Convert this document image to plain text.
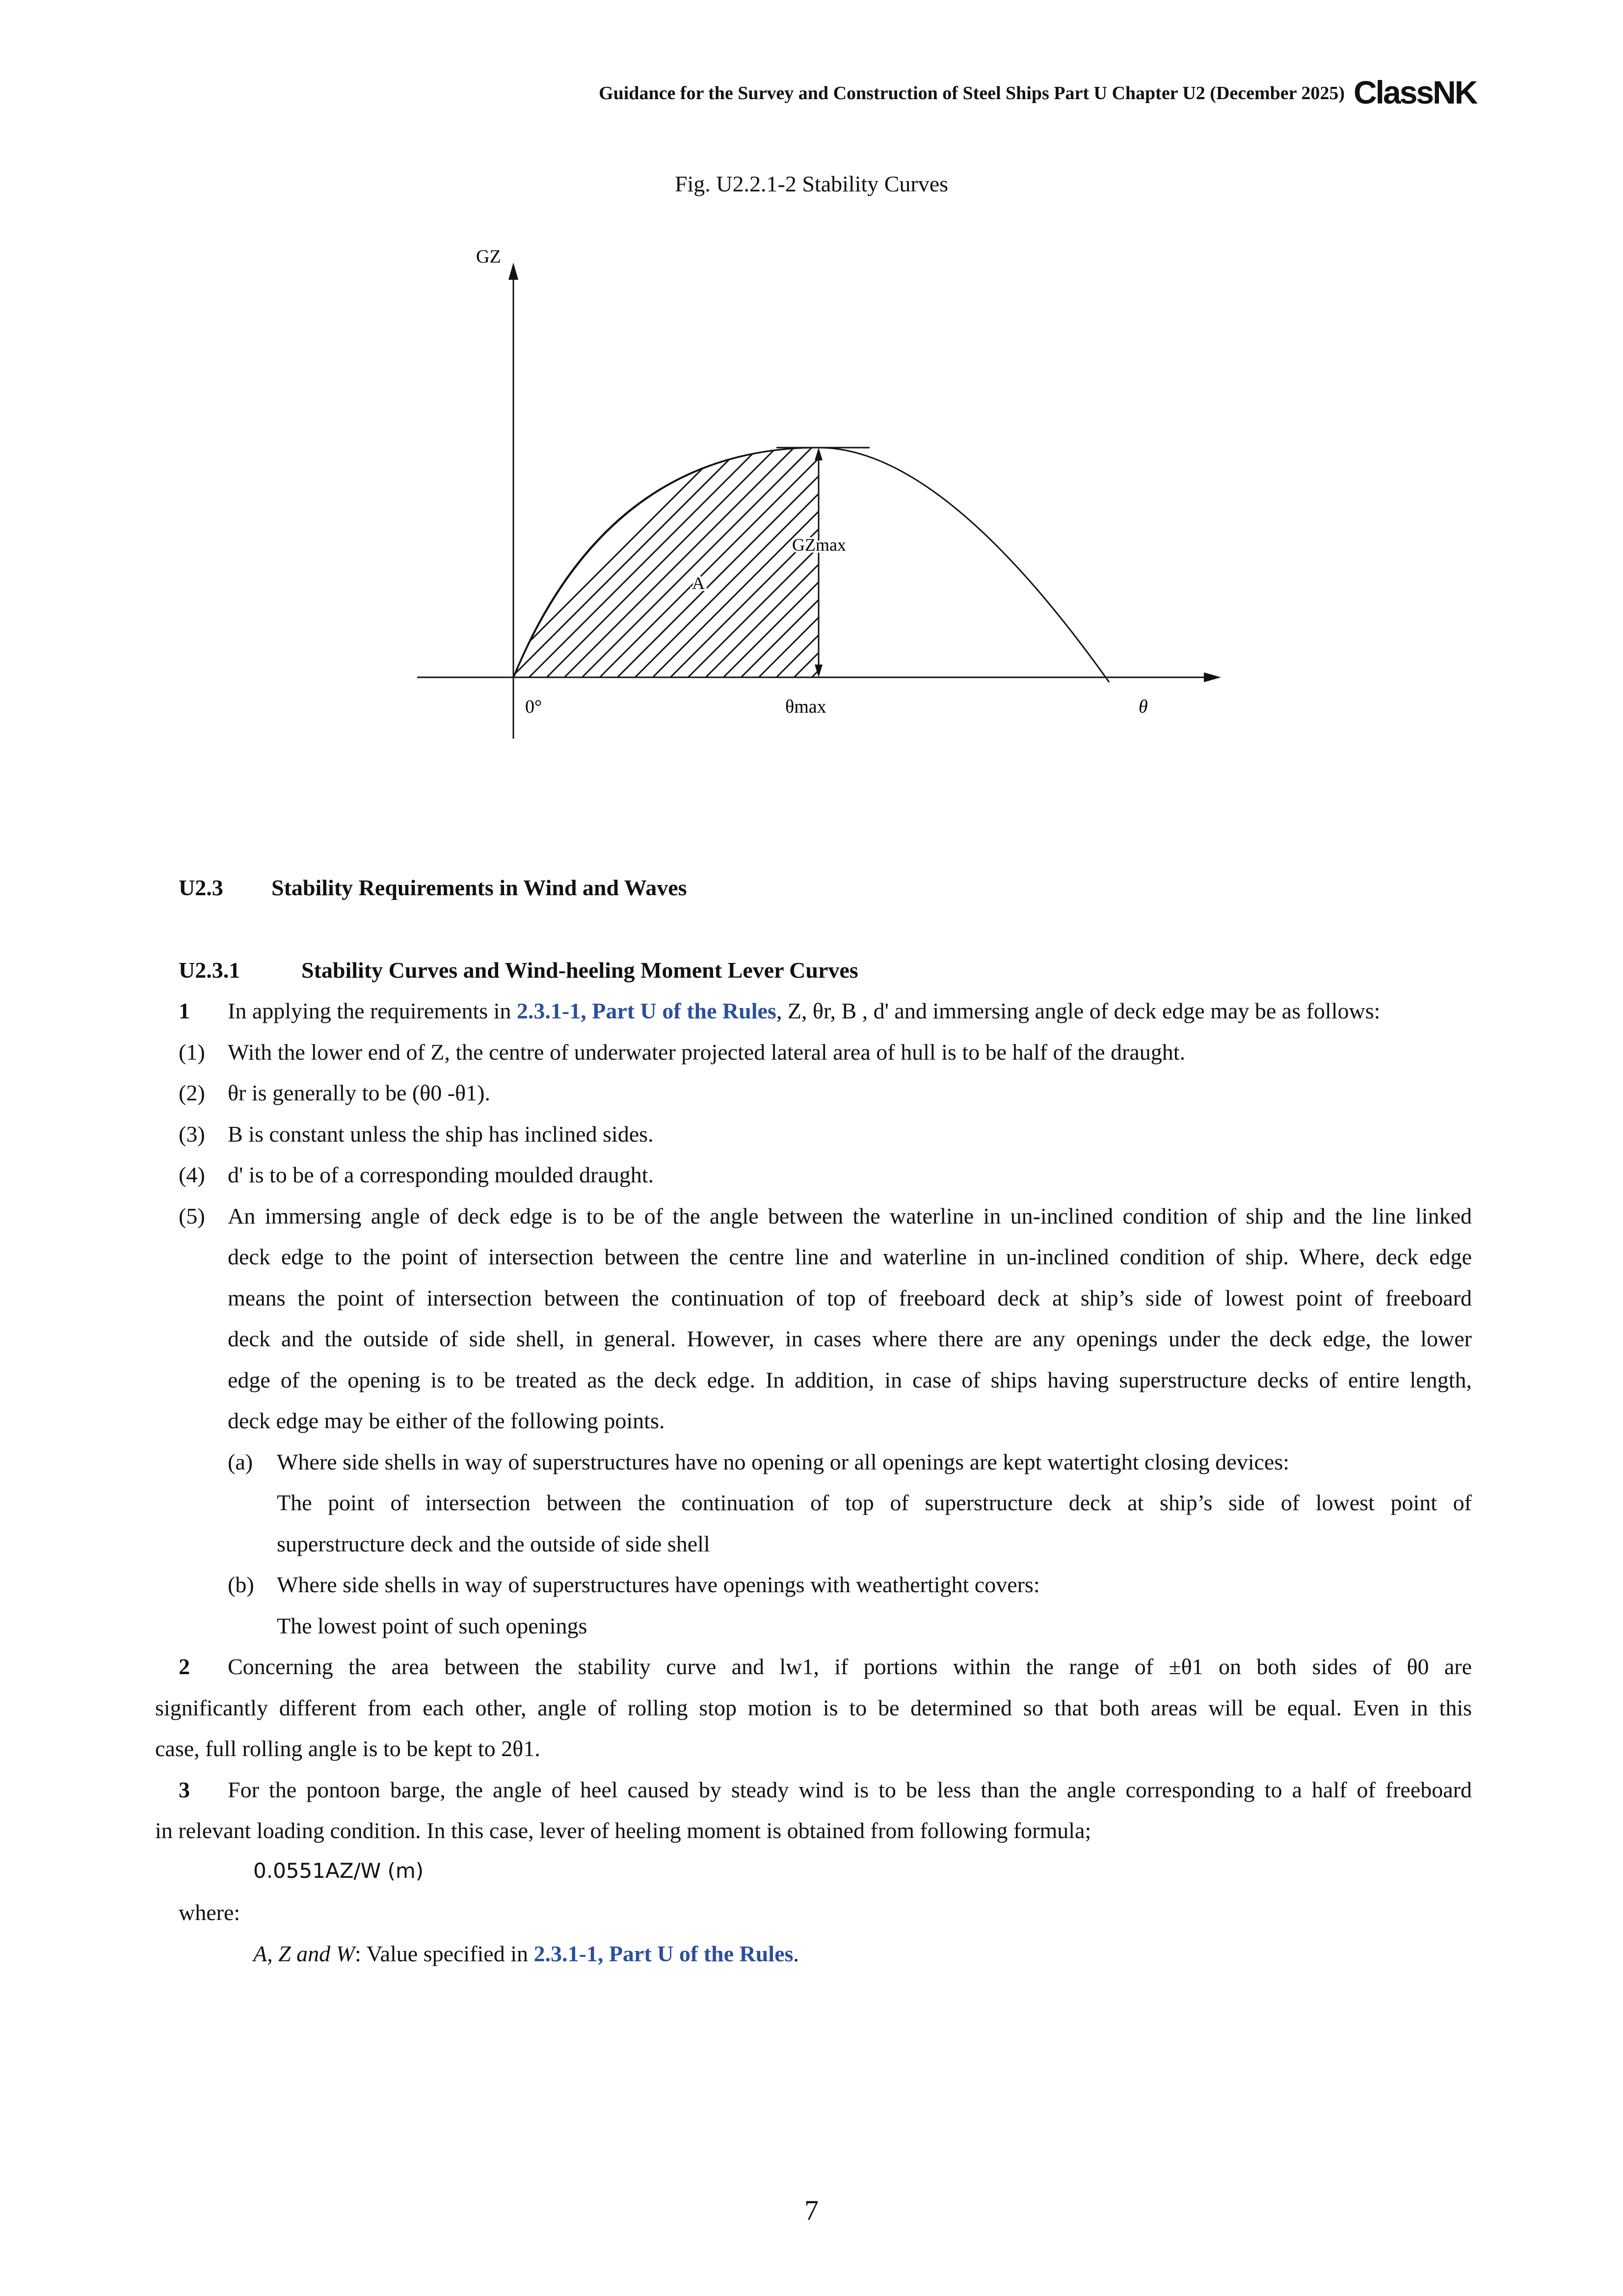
Guidance for the Survey and Construction of Steel Ships Part U Chapter U2 (December 2025) ClassNK
Fig. U2.2.1-2 Stability Curves
GZ
GZmax
A
0°	θmax	θ
U2.3 Stability Requirements in Wind and Waves
U2.3.1	Stability Curves and Wind-heeling Moment Lever Curves
1 In applying the requirements in 2.3.1-1, Part U of the Rules, Z, θr, B , d' and immersing angle of deck edge may be as follows:
(1) With the lower end of Z, the centre of underwater projected lateral area of hull is to be half of the draught.
(2) θr is generally to be (θ0 -θ1).
(3) B is constant unless the ship has inclined sides.
(4) d' is to be of a corresponding moulded draught.
(5) An immersing angle of deck edge is to be of the angle between the waterline in un-inclined condition of ship and the line linked
deck edge to the point of intersection between the centre line and waterline in un-inclined condition of ship. Where, deck edge
means the point of intersection between the continuation of top of freeboard deck at ship’s side of lowest point of freeboard
deck and the outside of side shell, in general. However, in cases where there are any openings under the deck edge, the lower
edge of the opening is to be treated as the deck edge. In addition, in case of ships having superstructure decks of entire length,
deck edge may be either of the following points.
(a) Where side shells in way of superstructures have no opening or all openings are kept watertight closing devices:
The point of intersection between the continuation of top of superstructure deck at ship’s side of lowest point of
superstructure deck and the outside of side shell
(b) Where side shells in way of superstructures have openings with weathertight covers:
The lowest point of such openings
2 Concerning the area between the stability curve and lw1, if portions within the range of ±θ1 on both sides of θ0 are
significantly different from each other, angle of rolling stop motion is to be determined so that both areas will be equal. Even in this
case, full rolling angle is to be kept to 2θ1.
3 For the pontoon barge, the angle of heel caused by steady wind is to be less than the angle corresponding to a half of freeboard
in relevant loading condition. In this case, lever of heeling moment is obtained from following formula;
0.0551AZ/W (m)
where:
A, Z and W: Value specified in 2.3.1-1, Part U of the Rules.
7
